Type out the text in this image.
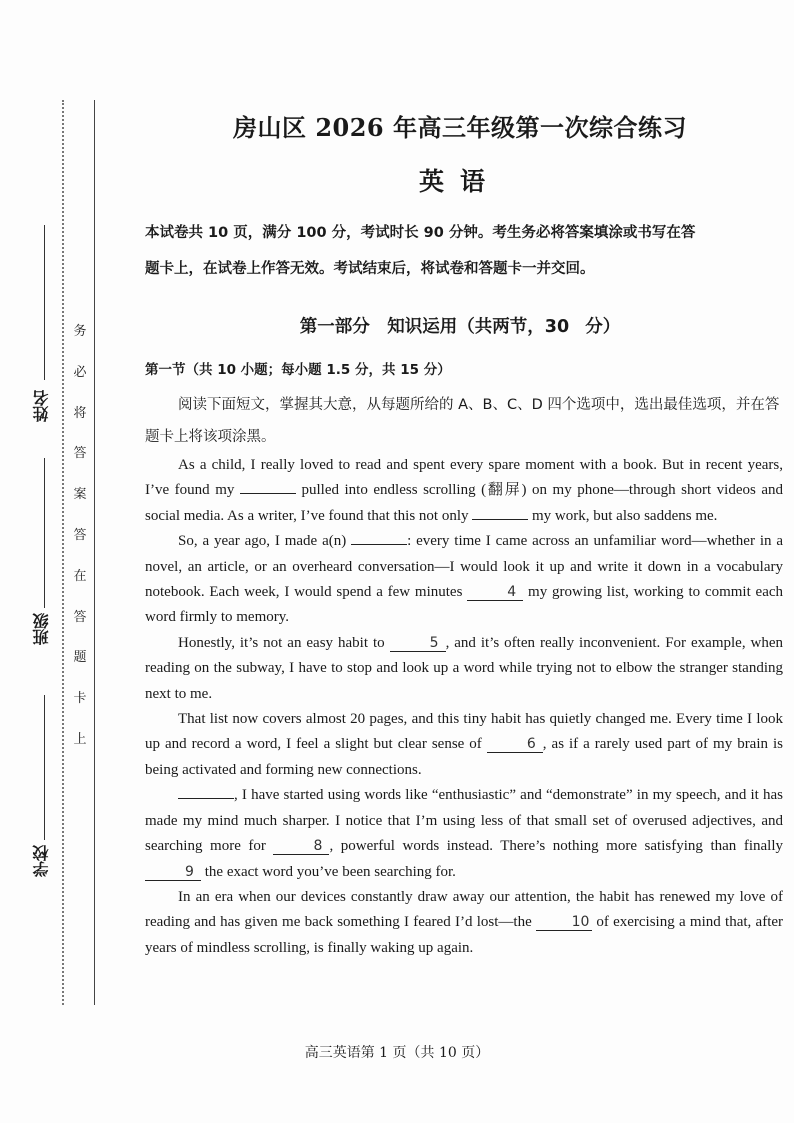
姓名
班级
学校
务
必
将
答
案
答
在
答
题
卡
上
房山区 2026 年高三年级第一次综合练习
英语

本试卷共 10 页，满分 100 分，考试时长 90 分钟。考生务必将答案填涂或书写在答

题卡上，在试卷上作答无效。考试结束后，将试卷和答题卡一并交回。

第一部分　知识运用（共两节，30 分）
第一节（共 10 小题；每小题 1.5 分，共 15 分）

阅读下面短文，掌握其大意，从每题所给的 A、B、C、D 四个选项中，选出最佳选项，并在答题卡上将该项涂黑。

As a child, I really loved to read and spent every spare moment with a book. But in recent years, I’ve found my	pulled into endless scrolling (翻屏) on my phone—through short videos and social media. As a writer, I’ve found that this not only	my work, but also saddens me.

So, a year ago, I made a(n)	: every time I came across an unfamiliar word—whether in a novel, an article, or an overheard conversation—I would look it up and write it down in a vocabulary notebook. Each week, I would spend a few minutes	4 my growing list, working to commit each word firmly to memory.

Honestly, it’s not an easy habit to	5 , and it’s often really inconvenient. For example, when reading on the subway, I have to stop and look up a word while trying not to elbow the stranger standing next to me.

That list now covers almost 20 pages, and this tiny habit has quietly changed me. Every time I look up and record a word, I feel a slight but clear sense of	6 , as if a rarely used part of my brain is being activated and forming new connections.

, I have started using words like “enthusiastic” and “demonstrate” in my speech, and it has made my mind much sharper. I notice that I’m using less of that small set of overused adjectives, and searching more for	8 , powerful words instead. There’s nothing more satisfying than finally 9 the exact word you’ve been searching for.

In an era when our devices constantly draw away our attention, the habit has renewed my love of reading and has given me back something I feared I’d lost—the	10 of exercising a mind that, after years of mindless scrolling, is finally waking up again.

高三英语第 1 页（共 10 页）
